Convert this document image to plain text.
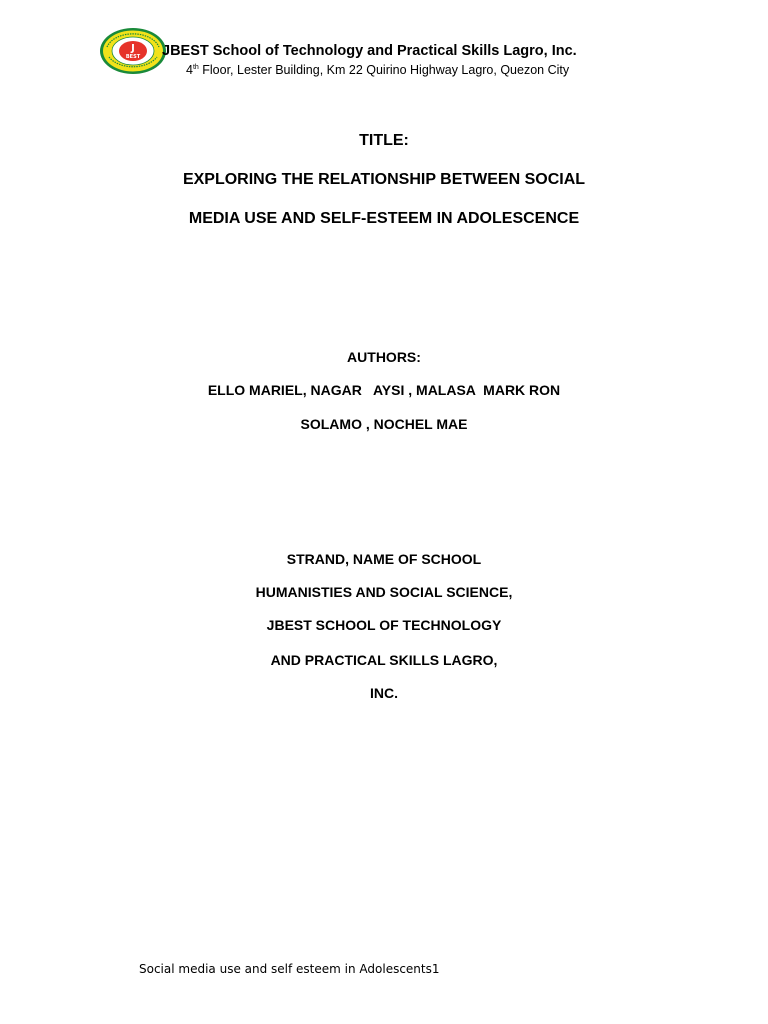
J
BEST JBEST School of Technology and Practical Skills Lagro, Inc.
4th Floor, Lester Building, Km 22 Quirino Highway Lagro, Quezon City
TITLE:
EXPLORING THE RELATIONSHIP BETWEEN SOCIAL
MEDIA USE AND SELF-ESTEEM IN ADOLESCENCE
AUTHORS:
ELLO MARIEL, NAGAR   AYSI , MALASA  MARK RON
SOLAMO , NOCHEL MAE
STRAND, NAME OF SCHOOL
HUMANISTIES AND SOCIAL SCIENCE,
JBEST SCHOOL OF TECHNOLOGY
AND PRACTICAL SKILLS LAGRO,
INC.
Social media use and self esteem in Adolescents1
